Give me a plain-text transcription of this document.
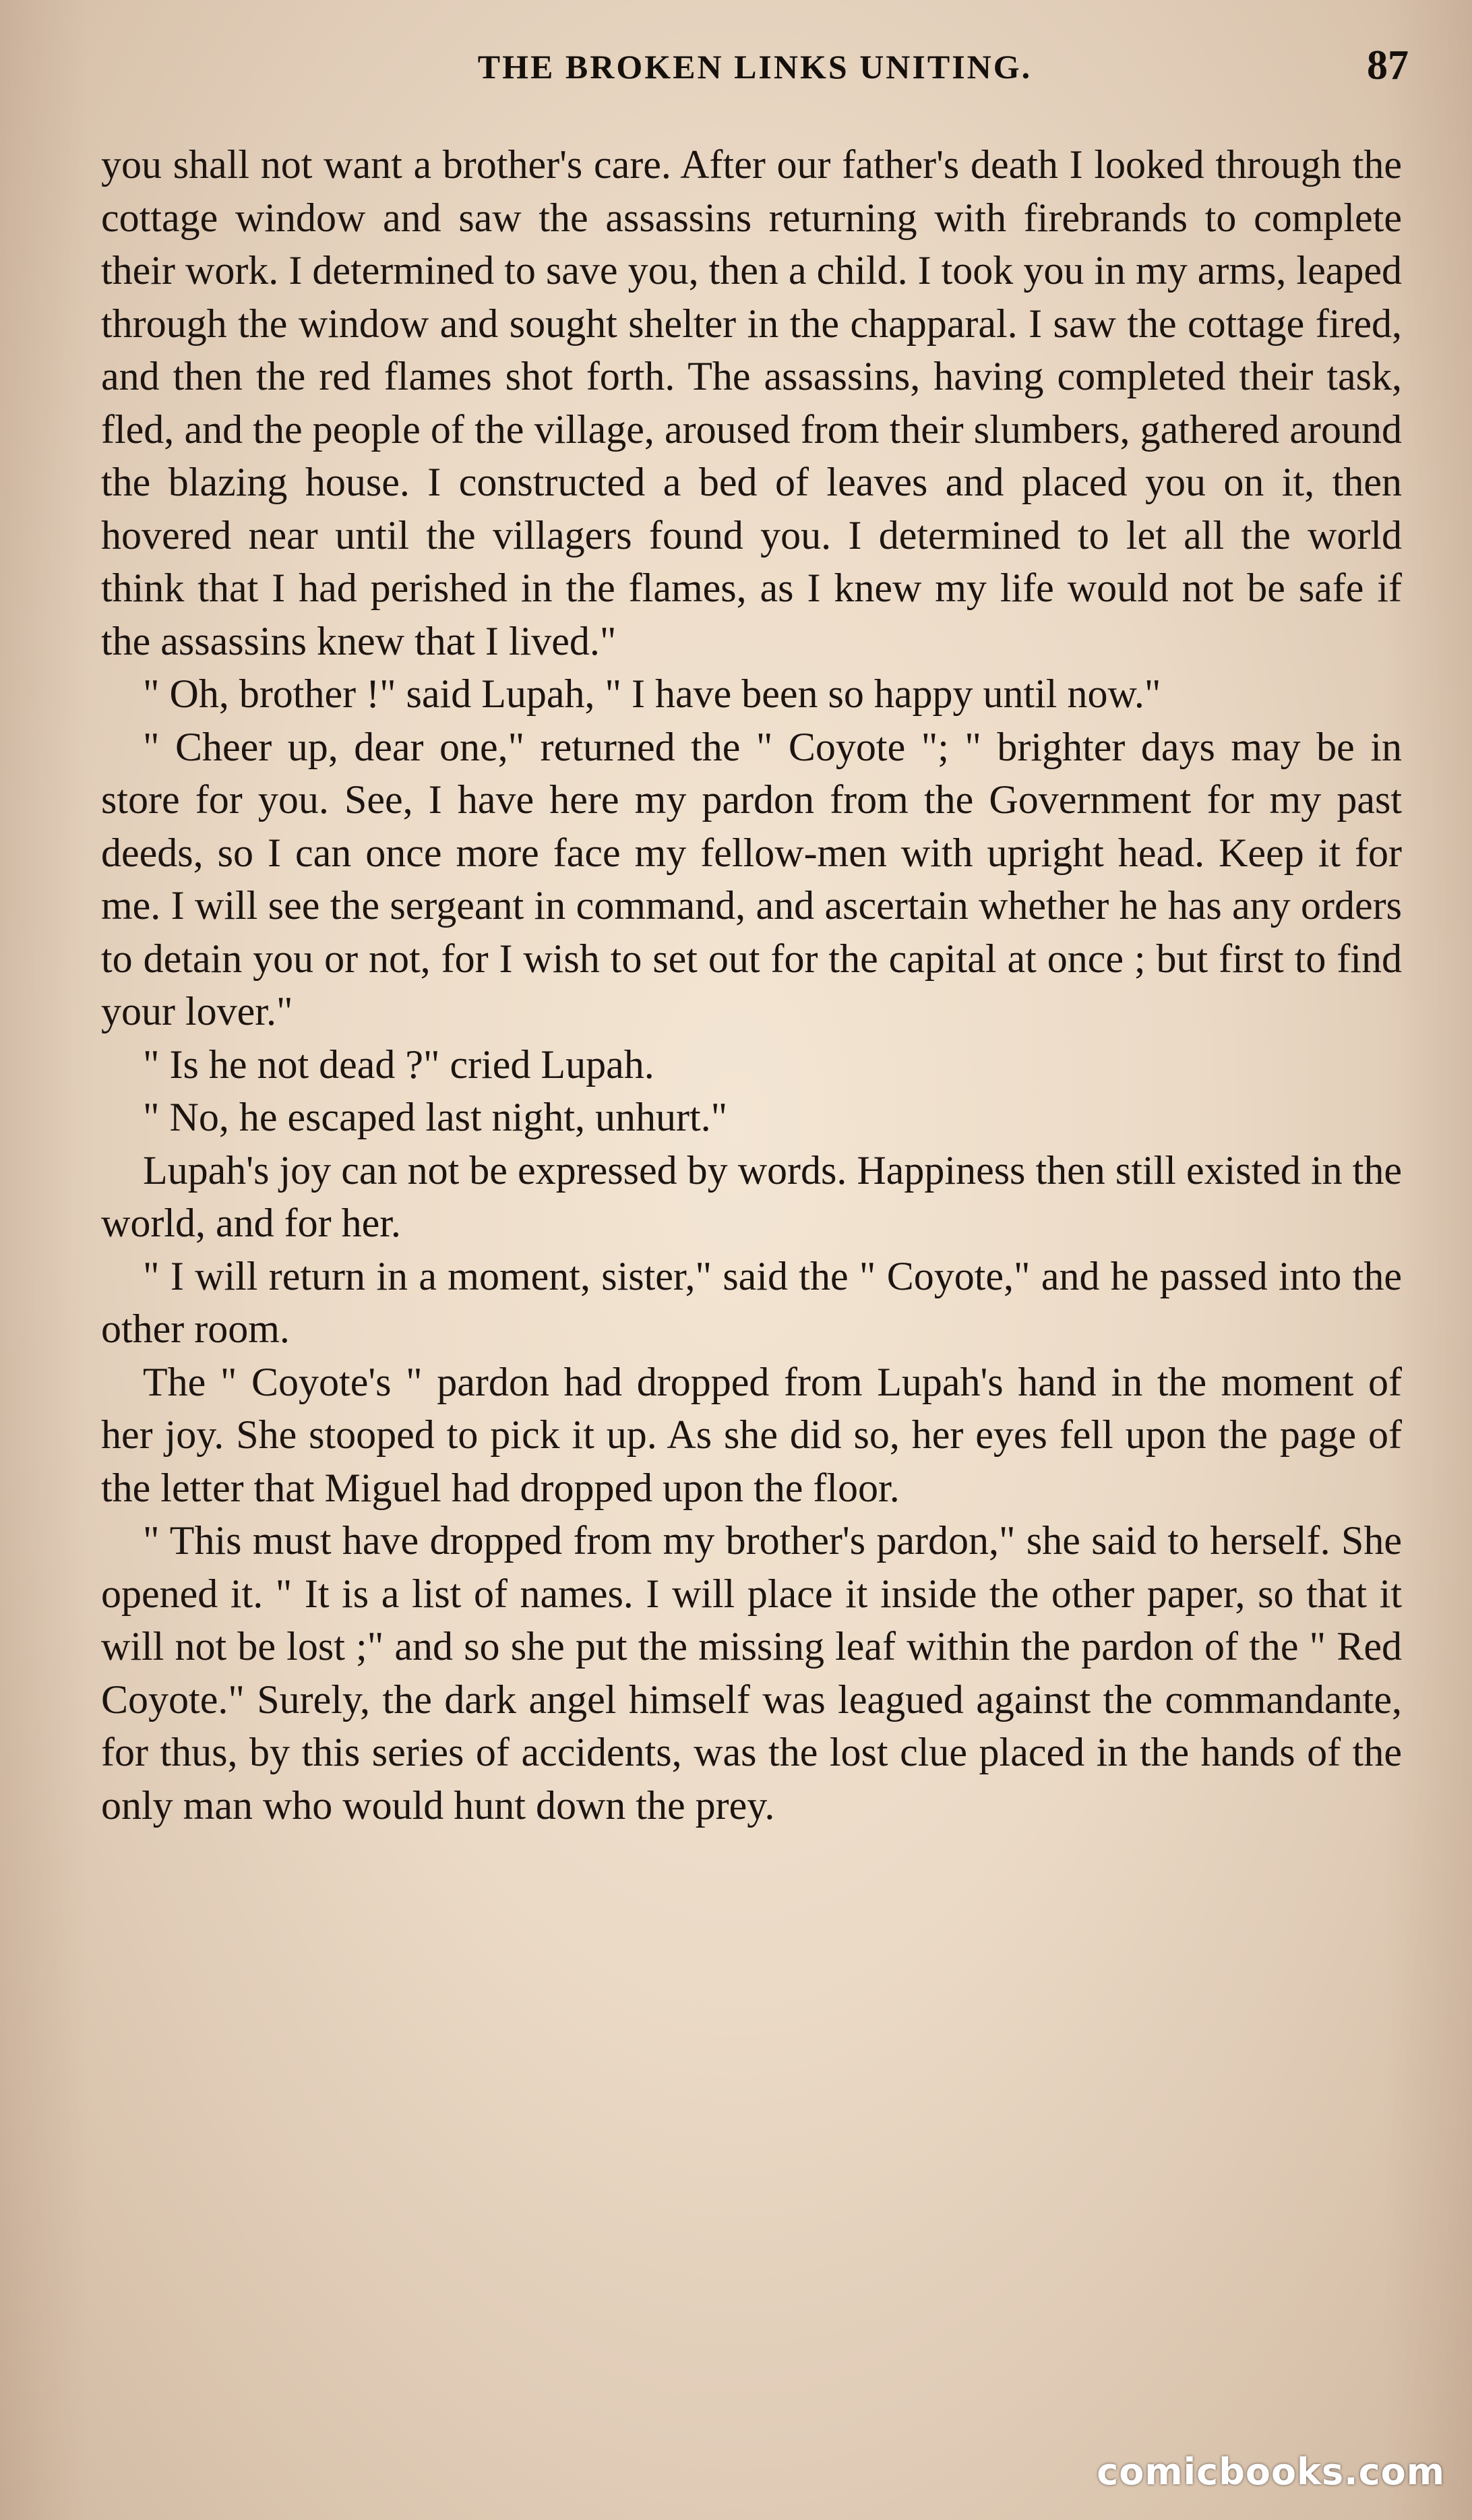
THE BROKEN LINKS UNITING.	87

you shall not want a brother's care. After our father's death I looked through the cottage window and saw the assassins returning with firebrands to complete their work. I determined to save you, then a child. I took you in my arms, leaped through the window and sought shelter in the chapparal. I saw the cottage fired, and then the red flames shot forth. The assassins, having completed their task, fled, and the people of the village, aroused from their slumbers, gathered around the blazing house. I constructed a bed of leaves and placed you on it, then hovered near until the villagers found you. I determined to let all the world think that I had perished in the flames, as I knew my life would not be safe if the assassins knew that I lived."

" Oh, brother !" said Lupah, " I have been so happy until now."

" Cheer up, dear one," returned the " Coyote "; " brighter days may be in store for you. See, I have here my pardon from the Government for my past deeds, so I can once more face my fellow-men with upright head. Keep it for me. I will see the sergeant in command, and ascertain whether he has any orders to detain you or not, for I wish to set out for the capital at once ; but first to find your lover."

" Is he not dead ?" cried Lupah.

" No, he escaped last night, unhurt."

Lupah's joy can not be expressed by words. Happiness then still existed in the world, and for her.

" I will return in a moment, sister," said the " Coyote," and he passed into the other room.

The " Coyote's " pardon had dropped from Lupah's hand in the moment of her joy. She stooped to pick it up. As she did so, her eyes fell upon the page of the letter that Miguel had dropped upon the floor.

" This must have dropped from my brother's pardon," she said to herself. She opened it. " It is a list of names. I will place it inside the other paper, so that it will not be lost ;" and so she put the missing leaf within the pardon of the " Red Coyote." Surely, the dark angel himself was leagued against the commandante, for thus, by this series of accidents, was the lost clue placed in the hands of the only man who would hunt down the prey.

comicbooks.com
